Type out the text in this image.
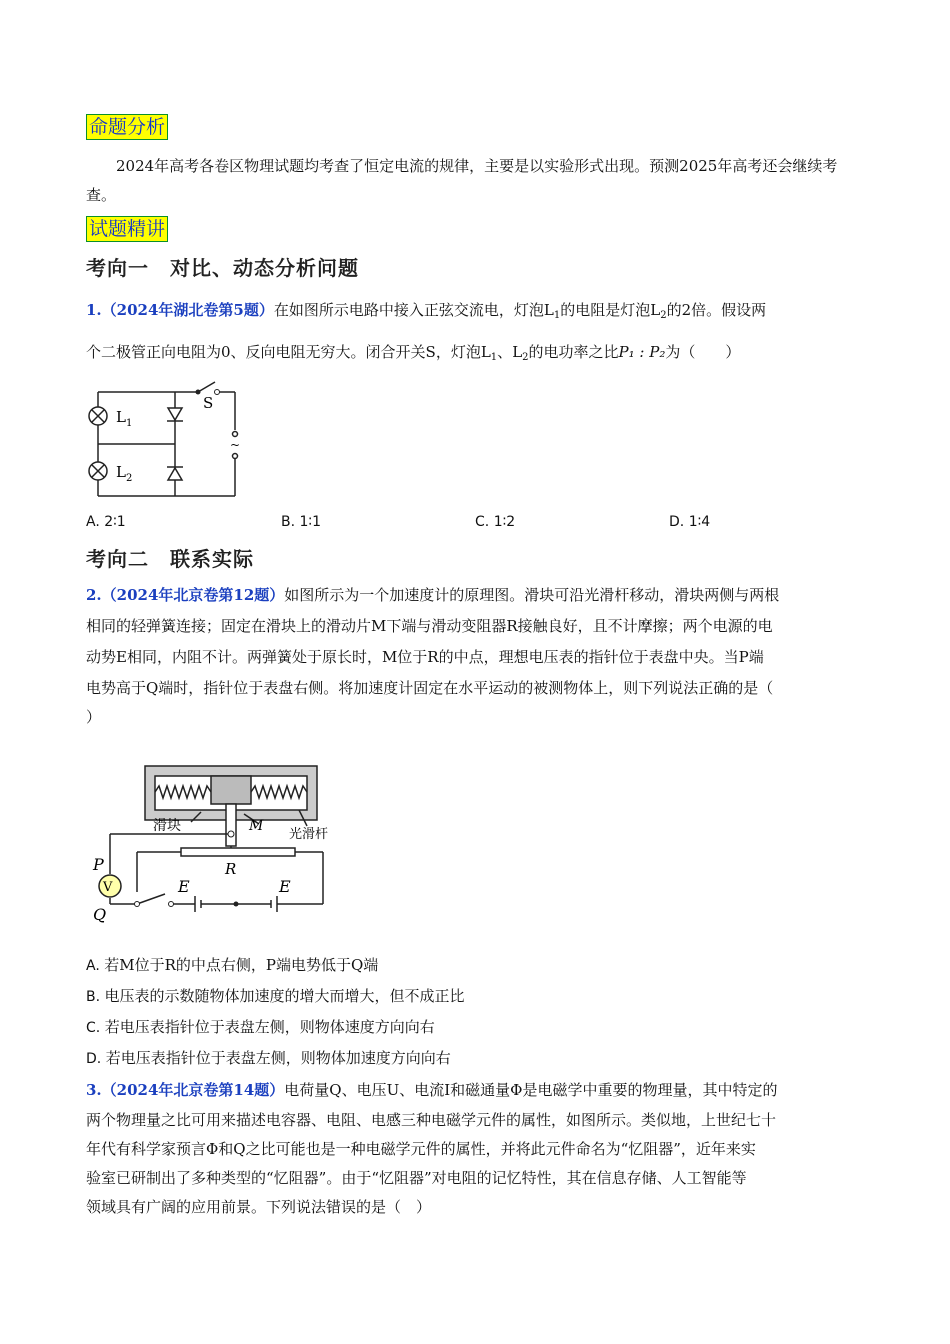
命题分析
2024年高考各卷区物理试题均考查了恒定电流的规律，主要是以实验形式出现。预测2025年高考还会继续考查。
试题精讲
考向一　对比、动态分析问题
1.（2024年湖北卷第5题）在如图所示电路中接入正弦交流电，灯泡$L_1$的电阻是灯泡$L_2$的2倍。假设两
个二极管正向电阻为0、反向电阻无穷大。闭合开关S，灯泡$L_1$、$L_2$的电功率之比P₁ : P₂为（　　）
S
L 1
L 2
~
A. 2∶1	B. 1∶1	C. 1∶2	D. 1∶4
考向二　联系实际
2.（2024年北京卷第12题）如图所示为一个加速度计的原理图。滑块可沿光滑杆移动，滑块两侧与两根
相同的轻弹簧连接；固定在滑块上的滑动片M下端与滑动变阻器R接触良好，且不计摩擦；两个电源的电
动势E相同，内阻不计。两弹簧处于原长时，M位于R的中点，理想电压表的指针位于表盘中央。当P端
电势高于Q端时，指针位于表盘右侧。将加速度计固定在水平运动的被测物体上，则下列说法正确的是（
）
V
滑块	M
光滑杆
R
P
Q
E	E
A. 若M位于R的中点右侧，P端电势低于Q端
B. 电压表的示数随物体加速度的增大而增大，但不成正比
C. 若电压表指针位于表盘左侧，则物体速度方向向右
D. 若电压表指针位于表盘左侧，则物体加速度方向向右
3.（2024年北京卷第14题）电荷量Q、电压U、电流I和磁通量Φ是电磁学中重要的物理量，其中特定的
两个物理量之比可用来描述电容器、电阻、电感三种电磁学元件的属性，如图所示。类似地，上世纪七十
年代有科学家预言Φ和Q之比可能也是一种电磁学元件的属性，并将此元件命名为“忆阻器”，近年来实
验室已研制出了多种类型的“忆阻器”。由于“忆阻器”对电阻的记忆特性，其在信息存储、人工智能等
领域具有广阔的应用前景。下列说法错误的是（　）
